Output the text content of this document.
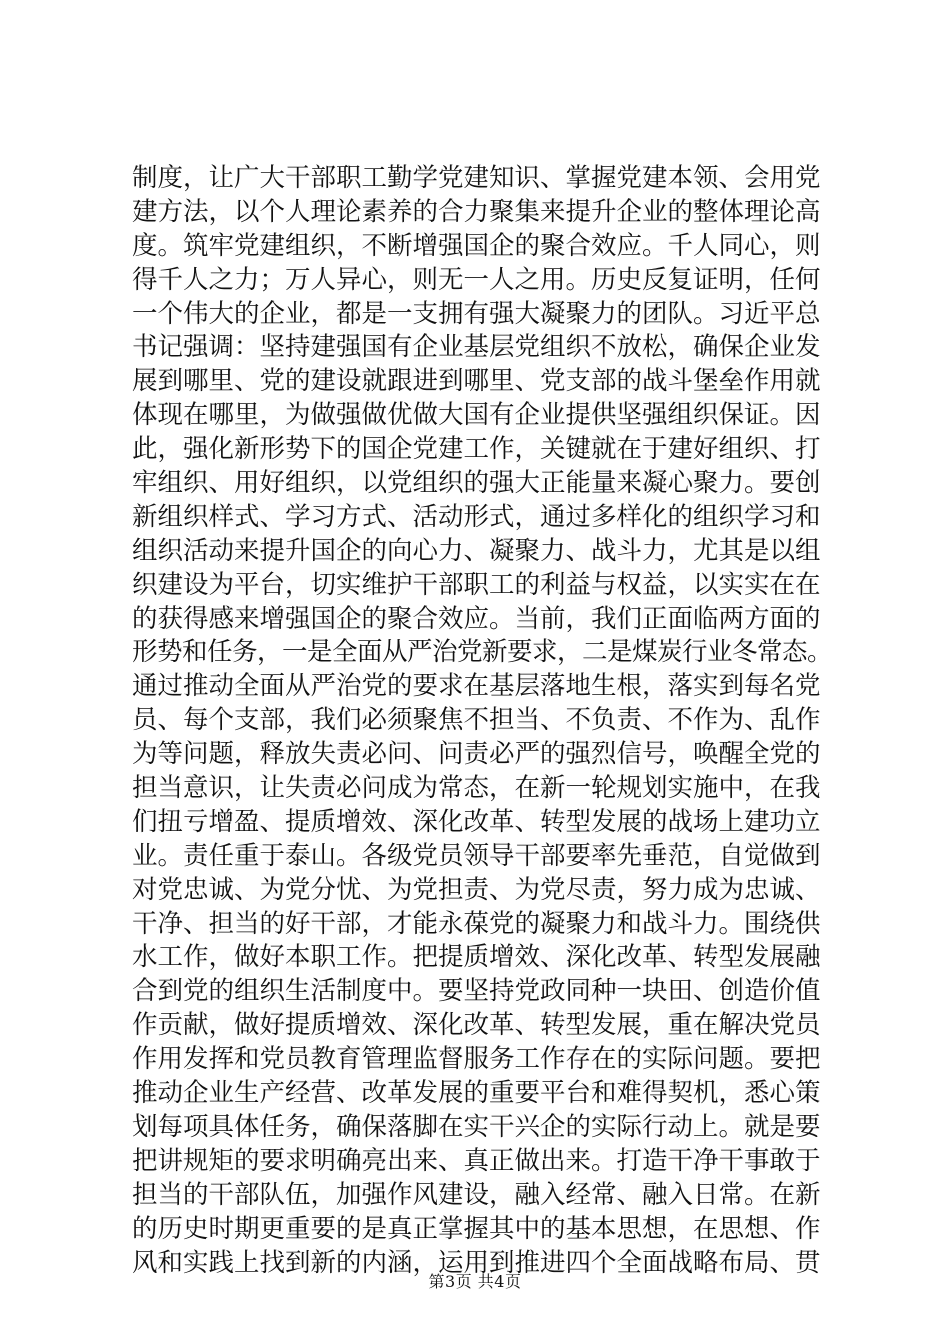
制度，让广大干部职工勤学党建知识、掌握党建本领、会用党
建方法，以个人理论素养的合力聚集来提升企业的整体理论高
度。筑牢党建组织，不断增强国企的聚合效应。千人同心，则
得千人之力；万人异心，则无一人之用。历史反复证明，任何
一个伟大的企业，都是一支拥有强大凝聚力的团队。习近平总
书记强调：坚持建强国有企业基层党组织不放松，确保企业发
展到哪里、党的建设就跟进到哪里、党支部的战斗堡垒作用就
体现在哪里，为做强做优做大国有企业提供坚强组织保证。因
此，强化新形势下的国企党建工作，关键就在于建好组织、打
牢组织、用好组织，以党组织的强大正能量来凝心聚力。要创
新组织样式、学习方式、活动形式，通过多样化的组织学习和
组织活动来提升国企的向心力、凝聚力、战斗力，尤其是以组
织建设为平台，切实维护干部职工的利益与权益，以实实在在
的获得感来增强国企的聚合效应。当前，我们正面临两方面的
形势和任务，一是全面从严治党新要求，二是煤炭行业冬常态。
通过推动全面从严治党的要求在基层落地生根，落实到每名党
员、每个支部，我们必须聚焦不担当、不负责、不作为、乱作
为等问题，释放失责必问、问责必严的强烈信号，唤醒全党的
担当意识，让失责必问成为常态，在新一轮规划实施中，在我
们扭亏增盈、提质增效、深化改革、转型发展的战场上建功立
业。责任重于泰山。各级党员领导干部要率先垂范，自觉做到
对党忠诚、为党分忧、为党担责、为党尽责，努力成为忠诚、
干净、担当的好干部，才能永葆党的凝聚力和战斗力。围绕供
水工作，做好本职工作。把提质增效、深化改革、转型发展融
合到党的组织生活制度中。要坚持党政同种一块田、创造价值
作贡献，做好提质增效、深化改革、转型发展，重在解决党员
作用发挥和党员教育管理监督服务工作存在的实际问题。要把
推动企业生产经营、改革发展的重要平台和难得契机，悉心策
划每项具体任务，确保落脚在实干兴企的实际行动上。就是要
把讲规矩的要求明确亮出来、真正做出来。打造干净干事敢于
担当的干部队伍，加强作风建设，融入经常、融入日常。在新
的历史时期更重要的是真正掌握其中的基本思想，在思想、作
风和实践上找到新的内涵，运用到推进四个全面战略布局、贯
第3页 共4页
